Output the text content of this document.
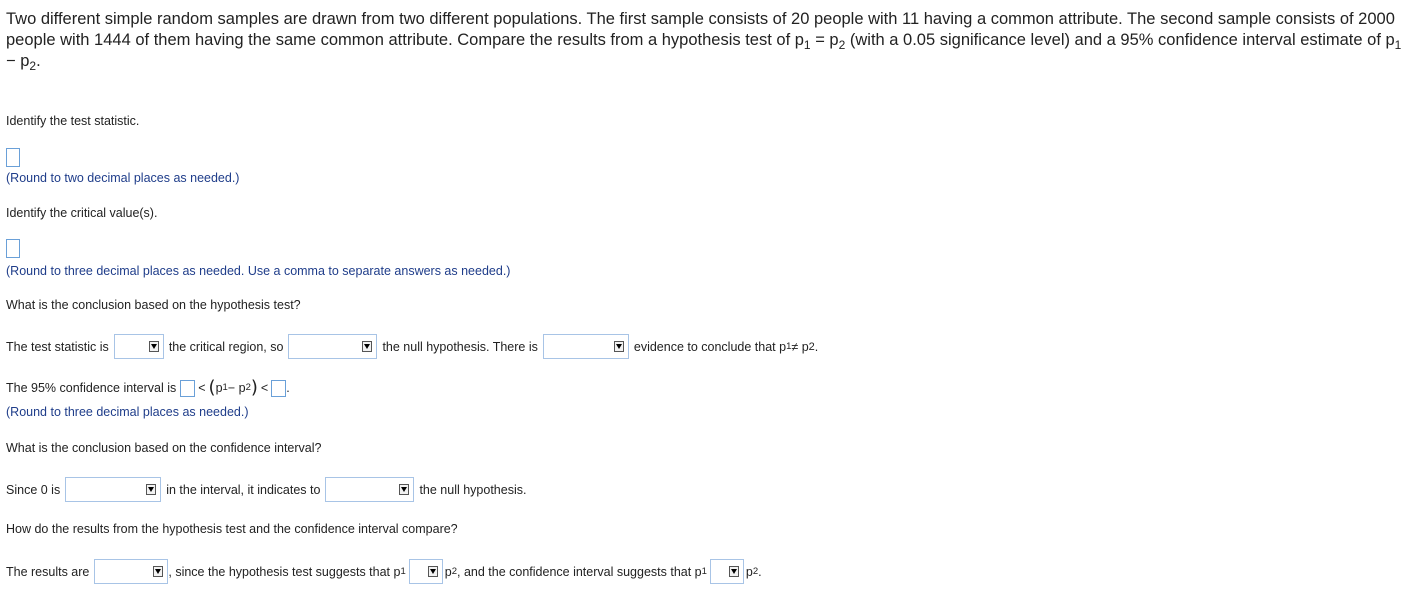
Two different simple random samples are drawn from two different populations. The first sample consists of 20 people with 11 having a common attribute. The second sample consists of 2000 people with 1444 of them having the same common attribute. Compare the results from a hypothesis test of $p_1 = p_2$ (with a 0.05 significance level) and a 95% confidence interval estimate of $p_1 - p_2$.
Identify the test statistic.
(Round to two decimal places as needed.)
Identify the critical value(s).
(Round to three decimal places as needed. Use a comma to separate answers as needed.)
What is the conclusion based on the hypothesis test?
The test statistic is	the critical region, so	the null hypothesis. There is	evidence to conclude that p 1 ≠ p 2 .
The 95% confidence interval is < ( p 1 − p 2 ) < .
(Round to three decimal places as needed.)
What is the conclusion based on the confidence interval?
Since 0 is	in the interval, it indicates to	the null hypothesis.
How do the results from the hypothesis test and the confidence interval compare?
The results are	, since the hypothesis test suggests that p 1	p 2 , and the confidence interval suggests that p 1	p 2 .
